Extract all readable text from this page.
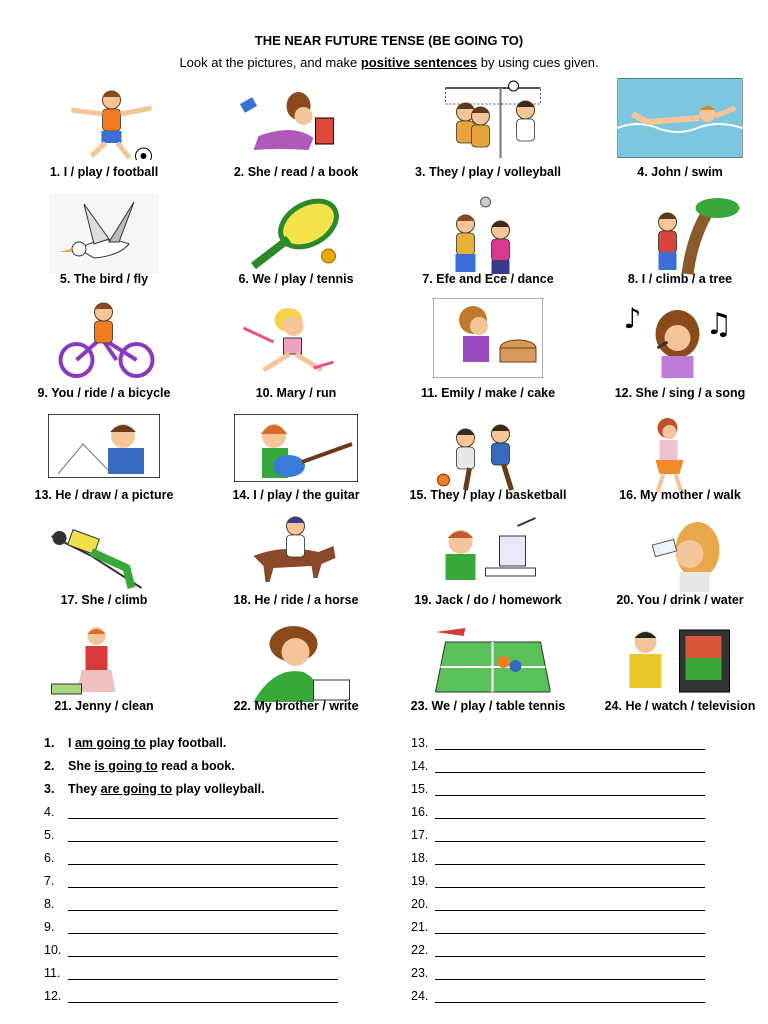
THE NEAR FUTURE TENSE (BE GOING TO)
Look at the pictures, and make positive sentences by using cues given.
1. I / play / football	2. She / read / a book	3. They / play / volleyball	4. John / swim
5. The bird / fly	6. We / play / tennis	7. Efe and Ece / dance	8. I / climb / a tree
9. You / ride / a bicycle	10. Mary / run	11. Emily / make / cake
♪ ♫
12. She / sing / a song
13. He / draw / a picture	14. I / play / the guitar	15. They / play / basketball	16. My mother / walk
17. She / climb	18. He / ride / a horse	19. Jack / do / homework	20. You / drink / water
21. Jenny / clean	22. My brother / write	23. We / play / table tennis	24. He / watch / television
1.	I am going to play football.
2.	She is going to read a book.
3.	They are going to play volleyball.
4.
5.
6.
7.
8.
9.
10.
11.
12.
13.
14.
15.
16.
17.
18.
19.
20.
21.
22.
23.
24.
